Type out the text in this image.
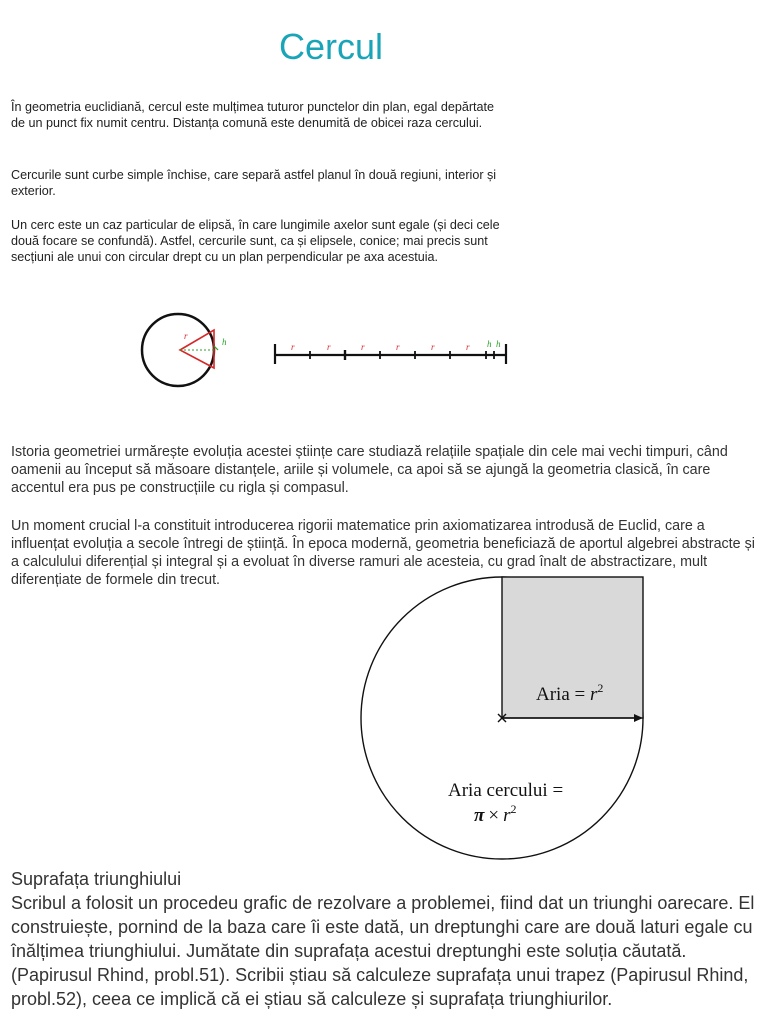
Cercul

În geometria euclidiană, cercul este mulțimea tuturor punctelor din plan, egal depărtate de un punct fix numit centru. Distanța comună este denumită de obicei raza cercului.

Cercurile sunt curbe simple închise, care separă astfel planul în două regiuni, interior și exterior.

Un cerc este un caz particular de elipsă, în care lungimile axelor sunt egale (și deci cele două focare se confundă). Astfel, cercurile sunt, ca și elipsele, conice; mai precis sunt secțiuni ale unui con circular drept cu un plan perpendicular pe axa acestuia.

r
h	r	r	r	r	r	r h h

Istoria geometriei urmărește evoluția acestei științe care studiază relațiile spațiale din cele mai vechi timpuri, când oamenii au început să măsoare distanțele, ariile și volumele, ca apoi să se ajungă la geometria clasică, în care accentul era pus pe construcțiile cu rigla și compasul.

Un moment crucial l-a constituit introducerea rigorii matematice prin axiomatizarea introdusă de Euclid, care a influențat evoluția a secole întregi de știință. În epoca modernă, geometria beneficiază de aportul algebrei abstracte și a calculului diferențial și integral și a evoluat în diverse ramuri ale acesteia, cu grad înalt de abstractizare, mult diferențiate de formele din trecut.

Aria = $r^2$
Aria cercului =
$\pi \times r^2$
Suprafața triunghiului

Scribul a folosit un procedeu grafic de rezolvare a problemei, fiind dat un triunghi oarecare. El construiește, pornind de la baza care îi este dată, un dreptunghi care are două laturi egale cu înălțimea triunghiului. Jumătate din suprafața acestui dreptunghi este soluția căutată. (Papirusul Rhind, probl.51). Scribii știau să calculeze suprafața unui trapez (Papirusul Rhind, probl.52), ceea ce implică că ei știau să calculeze și suprafața triunghiurilor.
